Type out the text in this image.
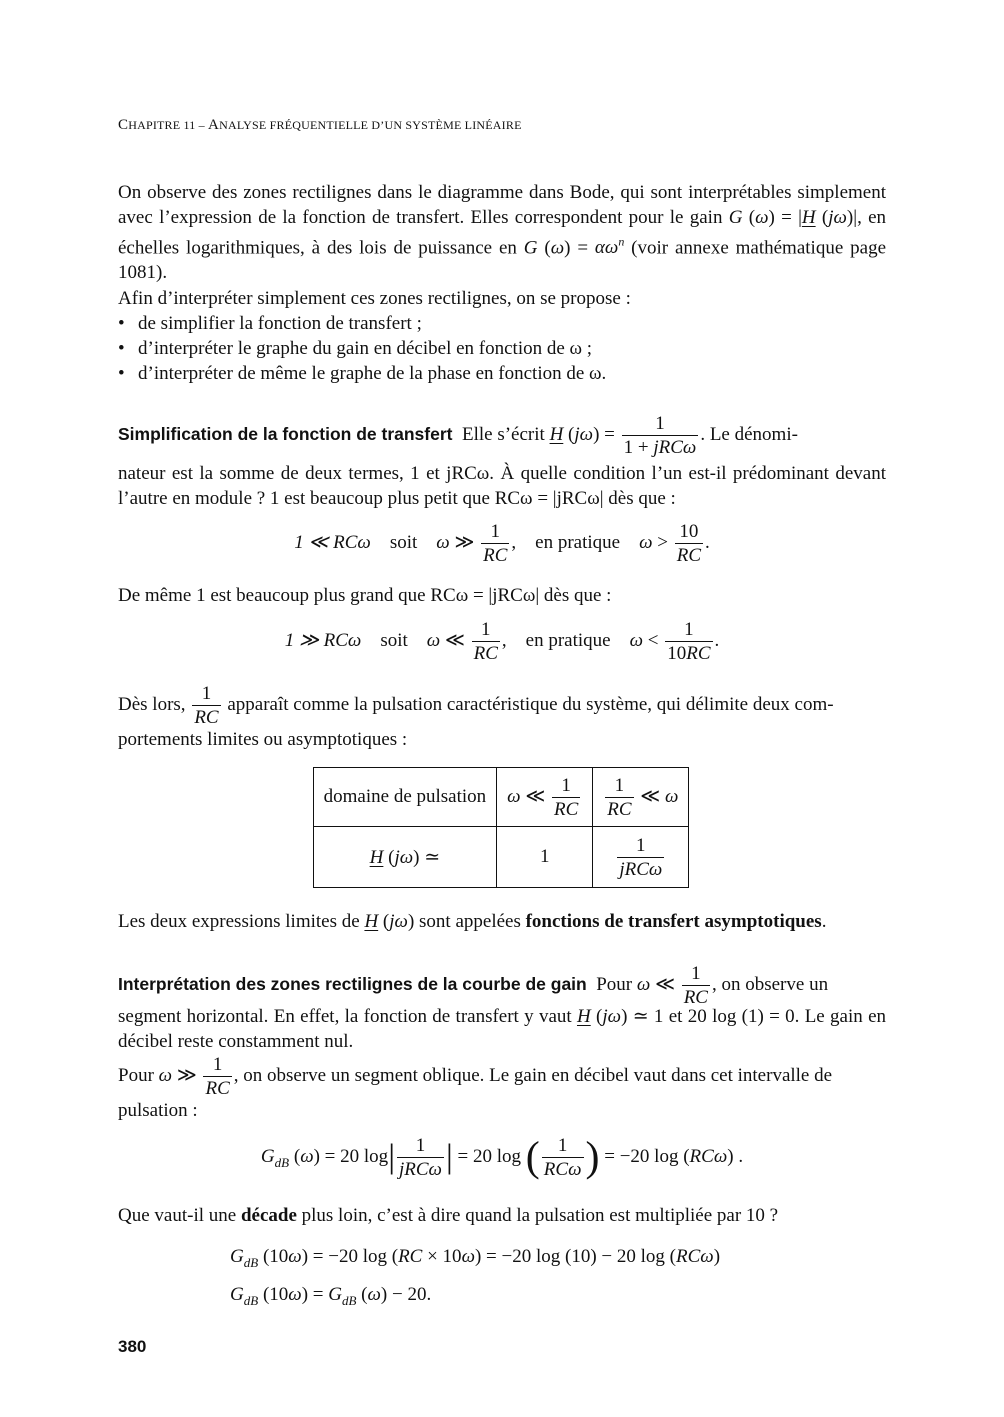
CHAPITRE 11 – ANALYSE FRÉQUENTIELLE D’UN SYSTÈME LINÉAIRE

On observe des zones rectilignes dans le diagramme dans Bode, qui sont interprétables simplement avec l’expression de la fonction de transfert. Elles correspondent pour le gain G (ω) = |H (jω)|, en échelles logarithmiques, à des lois de puissance en G $(\omega) = \alpha\omega^n$ (voir annexe mathématique page 1081).

Afin d’interpréter simplement ces zones rectilignes, on se propose :

• de simplifier la fonction de transfert ;
• d’interpréter le graphe du gain en décibel en fonction de ω ;
• d’interpréter de même le graphe de la phase en fonction de ω.

Simplification de la fonction de transfert Elle s’écrit H $(j\omega) = \frac{1}{\text{1 + jRCω}}$ . Le dénomi-

nateur est la somme de deux termes, 1 et jRCω. À quelle condition l’un est-il prédominant devant l’autre en module ? 1 est beaucoup plus petit que RCω = |jRCω| dès que :

1 ≪ RCω soit ω ≫ $\frac{1}{RC}$ ,    en pratique $\omega > \frac{10}{RC}$ .

De même 1 est beaucoup plus grand que RCω = |jRCω| dès que :

1 ≫ RCω soit ω ≪ $\frac{1}{RC}$ ,    en pratique $\omega < \frac{1}{10RC}$ .

Dès lors, $\frac{1}{RC}$ apparaît comme la pulsation caractéristique du système, qui délimite deux com-

portements limites ou asymptotiques :

domaine de pulsation	ω ≪ $\frac{1}{RC}$	$\frac{1}{RC}$ ≪ ω
H (jω) ≃	1	$\frac{1}{\text{jRCω}}$

Les deux expressions limites de H (jω) sont appelées fonctions de transfert asymptotiques.

Interprétation des zones rectilignes de la courbe de gain Pour ω ≪ $\frac{1}{RC}$ , on observe un

segment horizontal. En effet, la fonction de transfert y vaut H (jω) ≃ 1 et 20 log (1) = 0. Le gain en décibel reste constamment nul.

Pour ω ≫ $\frac{1}{RC}$ , on observe un segment oblique. Le gain en décibel vaut dans cet intervalle de

pulsation :

$G_{dB}$ (ω) = 20 $\log| \frac{1}{\text{jRCω}}$ | = 20 log ( $\frac{1}{\text{RCω}}$ ) = −20 log (RCω) .

Que vaut-il une décade plus loin, c’est à dire quand la pulsation est multipliée par 10 ?

$G_{dB}$ (10ω) = −20 log (RC × 10ω) = −20 log (10) − 20 log (RCω)
$G_{dB}$ $(10\omega) = G_{dB}$ (ω) − 20.
380
